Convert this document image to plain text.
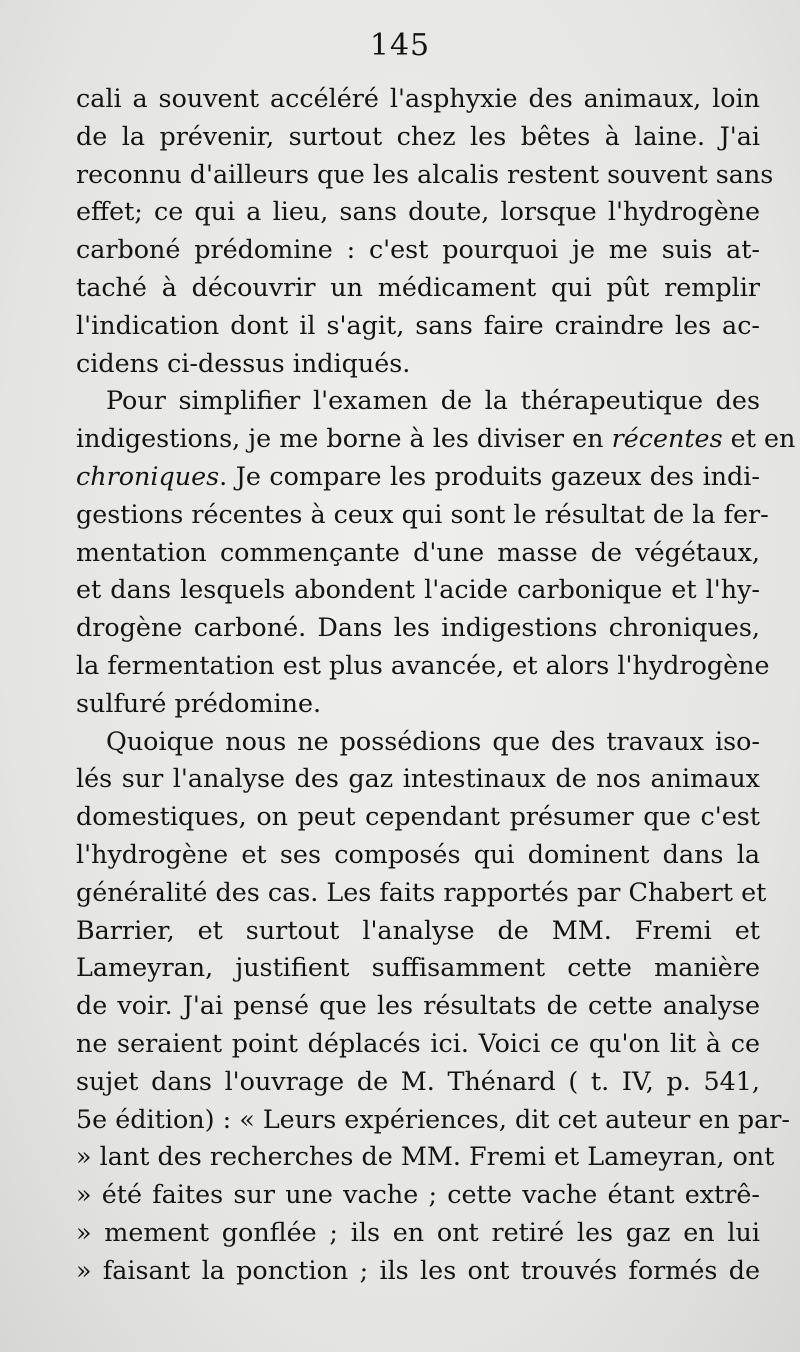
145
cali a souvent accéléré l'asphyxie des animaux, loin
de la prévenir, surtout chez les bêtes à laine. J'ai
reconnu d'ailleurs que les alcalis restent souvent sans
effet; ce qui a lieu, sans doute, lorsque l'hydrogène
carboné prédomine : c'est pourquoi je me suis at-
taché à découvrir un médicament qui pût remplir
l'indication dont il s'agit, sans faire craindre les ac-
cidens ci-dessus indiqués.
Pour simplifier l'examen de la thérapeutique des
indigestions, je me borne à les diviser en récentes et en
chroniques. Je compare les produits gazeux des indi-
gestions récentes à ceux qui sont le résultat de la fer-
mentation commençante d'une masse de végétaux,
et dans lesquels abondent l'acide carbonique et l'hy-
drogène carboné. Dans les indigestions chroniques,
la fermentation est plus avancée, et alors l'hydrogène
sulfuré prédomine.
Quoique nous ne possédions que des travaux iso-
lés sur l'analyse des gaz intestinaux de nos animaux
domestiques, on peut cependant présumer que c'est
l'hydrogène et ses composés qui dominent dans la
généralité des cas. Les faits rapportés par Chabert et
Barrier, et surtout l'analyse de MM. Fremi et
Lameyran, justifient suffisamment cette manière
de voir. J'ai pensé que les résultats de cette analyse
ne seraient point déplacés ici. Voici ce qu'on lit à ce
sujet dans l'ouvrage de M. Thénard ( t. IV, p. 541,
5e édition) : « Leurs expériences, dit cet auteur en par-
» lant des recherches de MM. Fremi et Lameyran, ont
» été faites sur une vache ; cette vache étant extrê-
» mement gonflée ; ils en ont retiré les gaz en lui
» faisant la ponction ; ils les ont trouvés formés de
